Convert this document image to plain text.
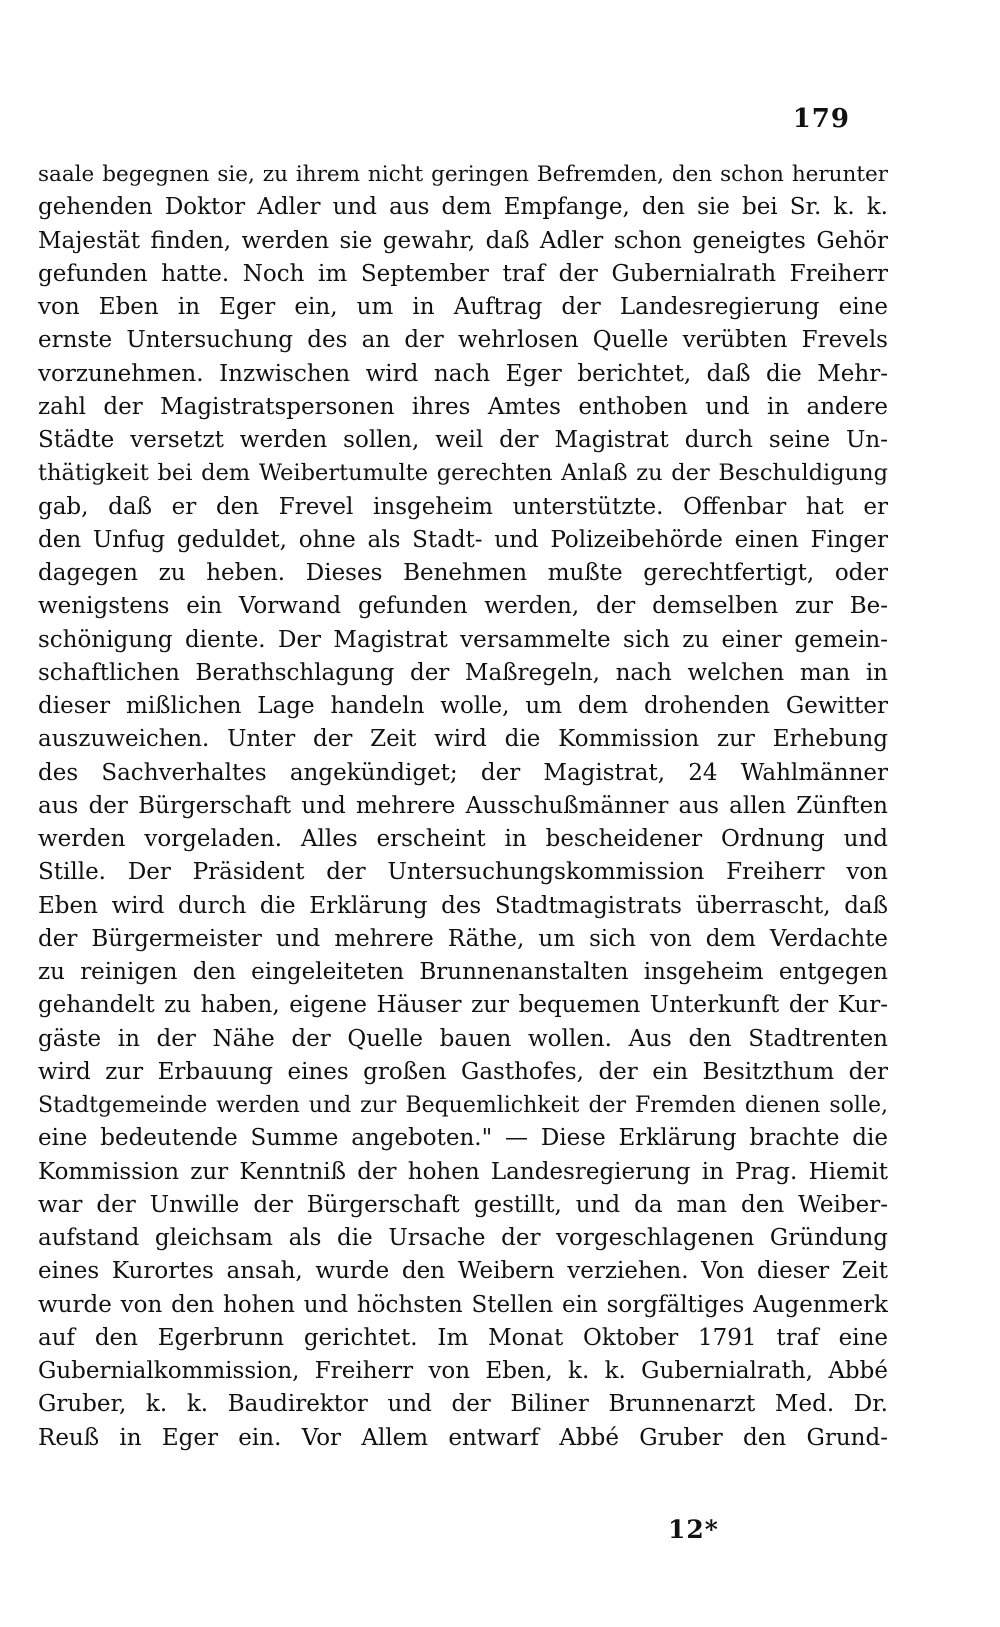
179
saale begegnen sie, zu ihrem nicht geringen Befremden, den schon herunter
gehenden Doktor Adler und aus dem Empfange, den sie bei Sr. k. k.
Majestät finden, werden sie gewahr, daß Adler schon geneigtes Gehör
gefunden hatte. Noch im September traf der Gubernialrath Freiherr
von Eben in Eger ein, um in Auftrag der Landesregierung eine
ernste Untersuchung des an der wehrlosen Quelle verübten Frevels
vorzunehmen. Inzwischen wird nach Eger berichtet, daß die Mehr-
zahl der Magistratspersonen ihres Amtes enthoben und in andere
Städte versetzt werden sollen, weil der Magistrat durch seine Un-
thätigkeit bei dem Weibertumulte gerechten Anlaß zu der Beschuldigung
gab, daß er den Frevel insgeheim unterstützte. Offenbar hat er
den Unfug geduldet, ohne als Stadt- und Polizeibehörde einen Finger
dagegen zu heben. Dieses Benehmen mußte gerechtfertigt, oder
wenigstens ein Vorwand gefunden werden, der demselben zur Be-
schönigung diente. Der Magistrat versammelte sich zu einer gemein-
schaftlichen Berathschlagung der Maßregeln, nach welchen man in
dieser mißlichen Lage handeln wolle, um dem drohenden Gewitter
auszuweichen. Unter der Zeit wird die Kommission zur Erhebung
des Sachverhaltes angekündiget; der Magistrat, 24 Wahlmänner
aus der Bürgerschaft und mehrere Ausschußmänner aus allen Zünften
werden vorgeladen. Alles erscheint in bescheidener Ordnung und
Stille. Der Präsident der Untersuchungskommission Freiherr von
Eben wird durch die Erklärung des Stadtmagistrats überrascht, daß
der Bürgermeister und mehrere Räthe, um sich von dem Verdachte
zu reinigen den eingeleiteten Brunnenanstalten insgeheim entgegen
gehandelt zu haben, eigene Häuser zur bequemen Unterkunft der Kur-
gäste in der Nähe der Quelle bauen wollen. Aus den Stadtrenten
wird zur Erbauung eines großen Gasthofes, der ein Besitzthum der
Stadtgemeinde werden und zur Bequemlichkeit der Fremden dienen solle,
eine bedeutende Summe angeboten." — Diese Erklärung brachte die
Kommission zur Kenntniß der hohen Landesregierung in Prag. Hiemit
war der Unwille der Bürgerschaft gestillt, und da man den Weiber-
aufstand gleichsam als die Ursache der vorgeschlagenen Gründung
eines Kurortes ansah, wurde den Weibern verziehen. Von dieser Zeit
wurde von den hohen und höchsten Stellen ein sorgfältiges Augenmerk
auf den Egerbrunn gerichtet. Im Monat Oktober 1791 traf eine
Gubernialkommission, Freiherr von Eben, k. k. Gubernialrath, Abbé
Gruber, k. k. Baudirektor und der Biliner Brunnenarzt Med. Dr.
Reuß in Eger ein. Vor Allem entwarf Abbé Gruber den Grund-
12*
